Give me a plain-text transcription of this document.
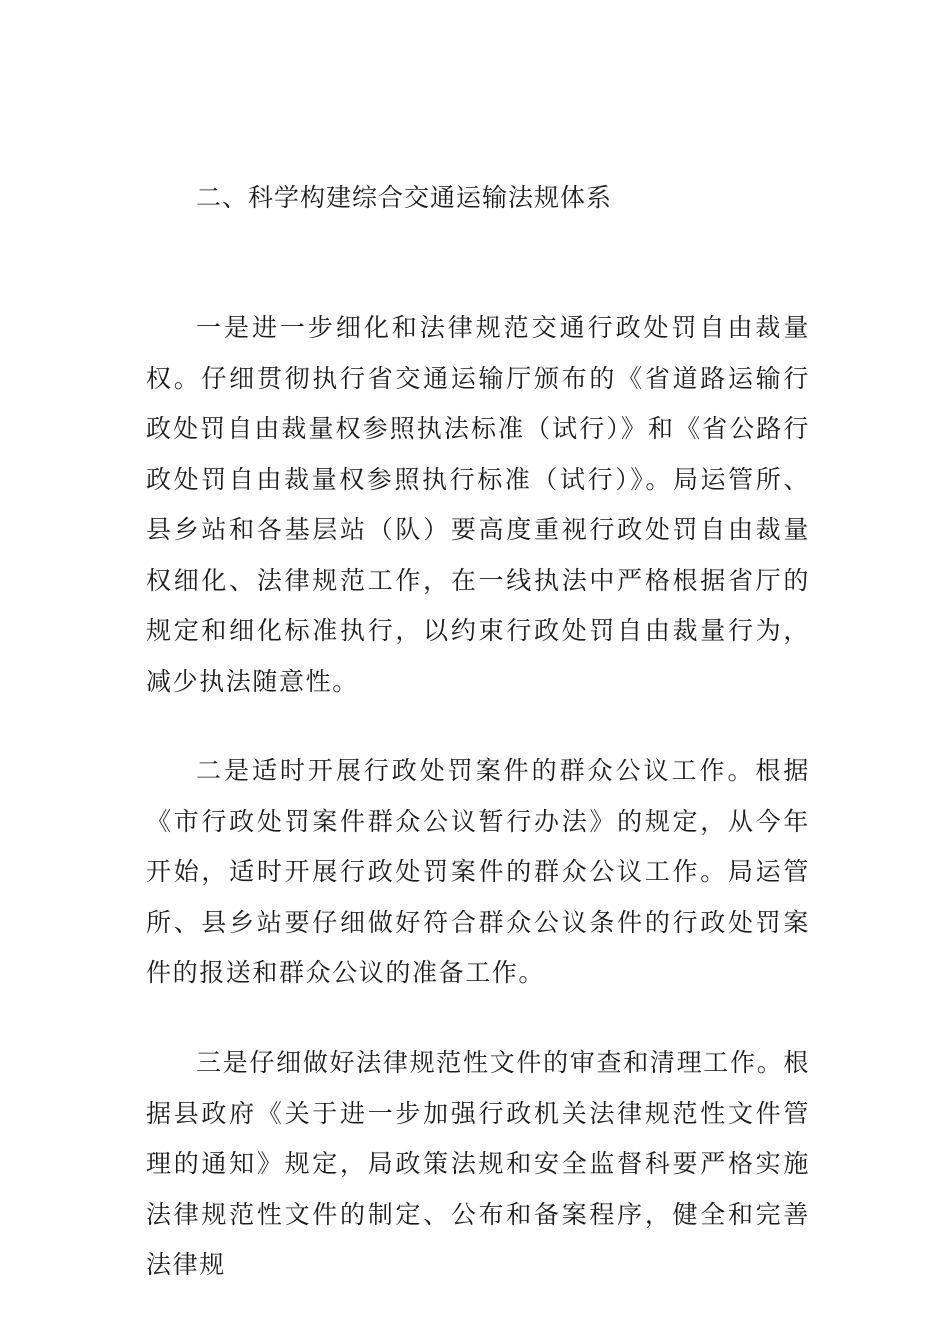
二、科学构建综合交通运输法规体系

一是进一步细化和法律规范交通行政处罚自由裁量权。仔细贯彻执行省交通运输厅颁布的《省道路运输行政处罚自由裁量权参照执法标准（试行）》和《省公路行政处罚自由裁量权参照执行标准（试行）》。局运管所、县乡站和各基层站（队）要高度重视行政处罚自由裁量权细化、法律规范工作，在一线执法中严格根据省厅的规定和细化标准执行，以约束行政处罚自由裁量行为，减少执法随意性。

二是适时开展行政处罚案件的群众公议工作。根据《市行政处罚案件群众公议暂行办法》的规定，从今年开始，适时开展行政处罚案件的群众公议工作。局运管所、县乡站要仔细做好符合群众公议条件的行政处罚案件的报送和群众公议的准备工作。

三是仔细做好法律规范性文件的审查和清理工作。根据县政府《关于进一步加强行政机关法律规范性文件管理的通知》规定，局政策法规和安全监督科要严格实施法律规范性文件的制定、公布和备案程序，健全和完善法律规
